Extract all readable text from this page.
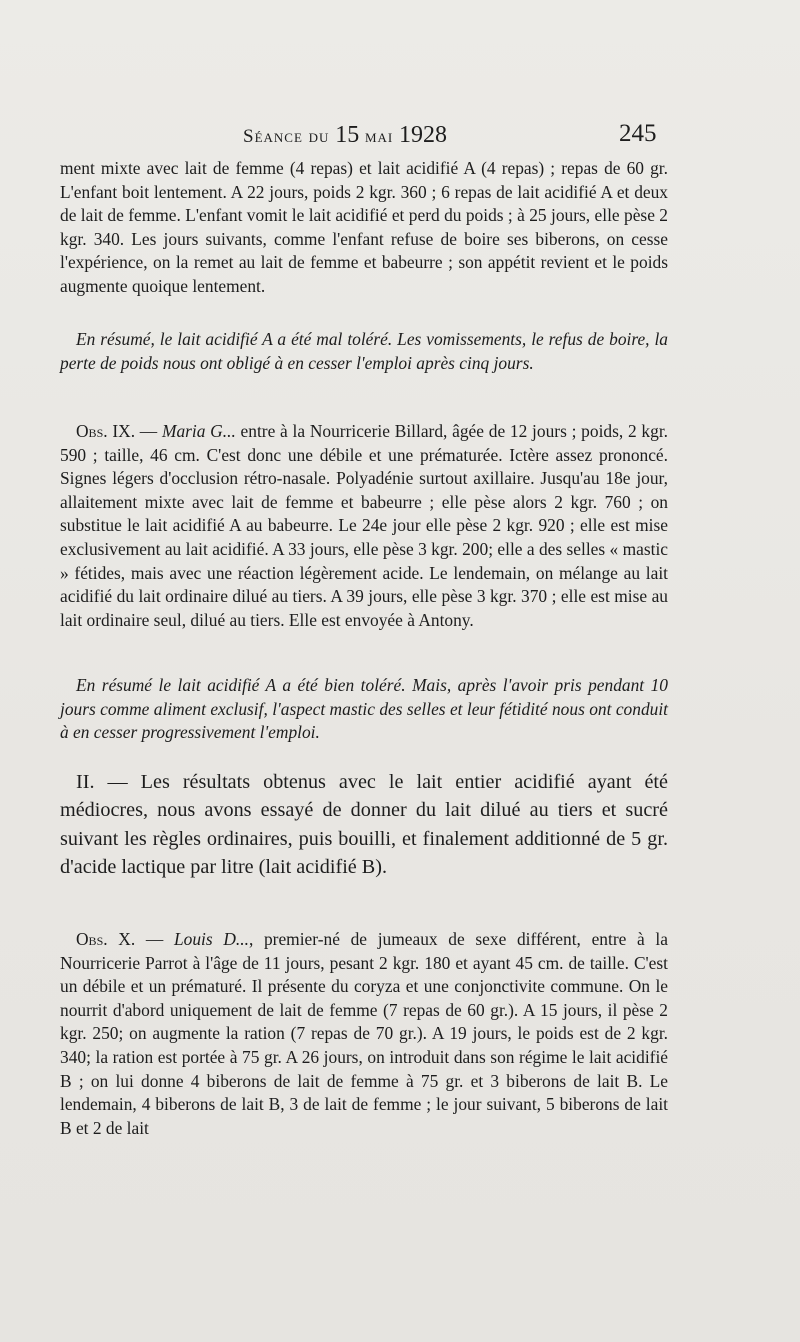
Séance du 15 mai 1928	245

ment mixte avec lait de femme (4 repas) et lait acidifié A (4 repas) ; repas de 60 gr. L'enfant boit lentement. A 22 jours, poids 2 kgr. 360 ; 6 repas de lait acidifié A et deux de lait de femme. L'enfant vomit le lait acidifié et perd du poids ; à 25 jours, elle pèse 2 kgr. 340. Les jours suivants, comme l'enfant refuse de boire ses biberons, on cesse l'expérience, on la remet au lait de femme et babeurre ; son appétit revient et le poids augmente quoique lentement.

En résumé, le lait acidifié A a été mal toléré. Les vomissements, le refus de boire, la perte de poids nous ont obligé à en cesser l'emploi après cinq jours.

Obs. IX. — Maria G... entre à la Nourricerie Billard, âgée de 12 jours ; poids, 2 kgr. 590 ; taille, 46 cm. C'est donc une débile et une prématurée. Ictère assez prononcé. Signes légers d'occlusion rétro-nasale. Polyadénie surtout axillaire. Jusqu'au 18e jour, allaitement mixte avec lait de femme et babeurre ; elle pèse alors 2 kgr. 760 ; on substitue le lait acidifié A au babeurre. Le 24e jour elle pèse 2 kgr. 920 ; elle est mise exclusivement au lait acidifié. A 33 jours, elle pèse 3 kgr. 200; elle a des selles « mastic » fétides, mais avec une réaction légèrement acide. Le lendemain, on mélange au lait acidifié du lait ordinaire dilué au tiers. A 39 jours, elle pèse 3 kgr. 370 ; elle est mise au lait ordinaire seul, dilué au tiers. Elle est envoyée à Antony.

En résumé le lait acidifié A a été bien toléré. Mais, après l'avoir pris pendant 10 jours comme aliment exclusif, l'aspect mastic des selles et leur fétidité nous ont conduit à en cesser progressivement l'emploi.

II. — Les résultats obtenus avec le lait entier acidifié ayant été médiocres, nous avons essayé de donner du lait dilué au tiers et sucré suivant les règles ordinaires, puis bouilli, et finalement additionné de 5 gr. d'acide lactique par litre (lait acidifié B).

Obs. X. — Louis D..., premier-né de jumeaux de sexe différent, entre à la Nourricerie Parrot à l'âge de 11 jours, pesant 2 kgr. 180 et ayant 45 cm. de taille. C'est un débile et un prématuré. Il présente du coryza et une conjonctivite commune. On le nourrit d'abord uniquement de lait de femme (7 repas de 60 gr.). A 15 jours, il pèse 2 kgr. 250; on augmente la ration (7 repas de 70 gr.). A 19 jours, le poids est de 2 kgr. 340; la ration est portée à 75 gr. A 26 jours, on introduit dans son régime le lait acidifié B ; on lui donne 4 biberons de lait de femme à 75 gr. et 3 biberons de lait B. Le lendemain, 4 biberons de lait B, 3 de lait de femme ; le jour suivant, 5 biberons de lait B et 2 de lait
